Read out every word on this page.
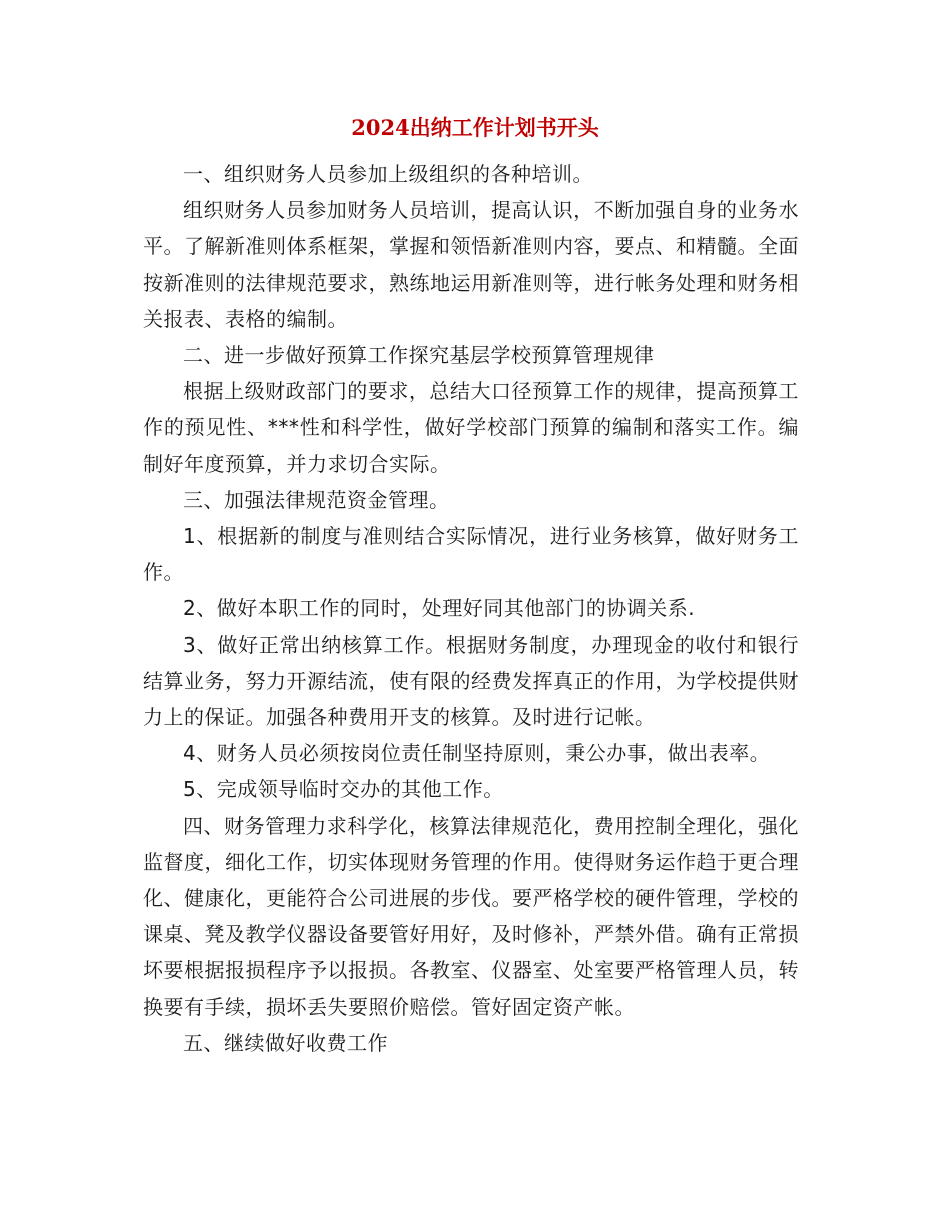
2024出纳工作计划书开头

一、组织财务人员参加上级组织的各种培训。

组织财务人员参加财务人员培训，提高认识，不断加强自身的业务水平。了解新准则体系框架，掌握和领悟新准则内容，要点、和精髓。全面按新准则的法律规范要求，熟练地运用新准则等，进行帐务处理和财务相关报表、表格的编制。

二、进一步做好预算工作探究基层学校预算管理规律

根据上级财政部门的要求，总结大口径预算工作的规律，提高预算工作的预见性、***性和科学性，做好学校部门预算的编制和落实工作。编制好年度预算，并力求切合实际。

三、加强法律规范资金管理。

1、根据新的制度与准则结合实际情况，进行业务核算，做好财务工作。

2、做好本职工作的同时，处理好同其他部门的协调关系.

3、做好正常出纳核算工作。根据财务制度，办理现金的收付和银行结算业务，努力开源结流，使有限的经费发挥真正的作用，为学校提供财力上的保证。加强各种费用开支的核算。及时进行记帐。

4、财务人员必须按岗位责任制坚持原则，秉公办事，做出表率。

5、完成领导临时交办的其他工作。

四、财务管理力求科学化，核算法律规范化，费用控制全理化，强化监督度，细化工作，切实体现财务管理的作用。使得财务运作趋于更合理化、健康化，更能符合公司进展的步伐。要严格学校的硬件管理，学校的课桌、凳及教学仪器设备要管好用好，及时修补，严禁外借。确有正常损坏要根据报损程序予以报损。各教室、仪器室、处室要严格管理人员，转换要有手续，损坏丢失要照价赔偿。管好固定资产帐。

五、继续做好收费工作
